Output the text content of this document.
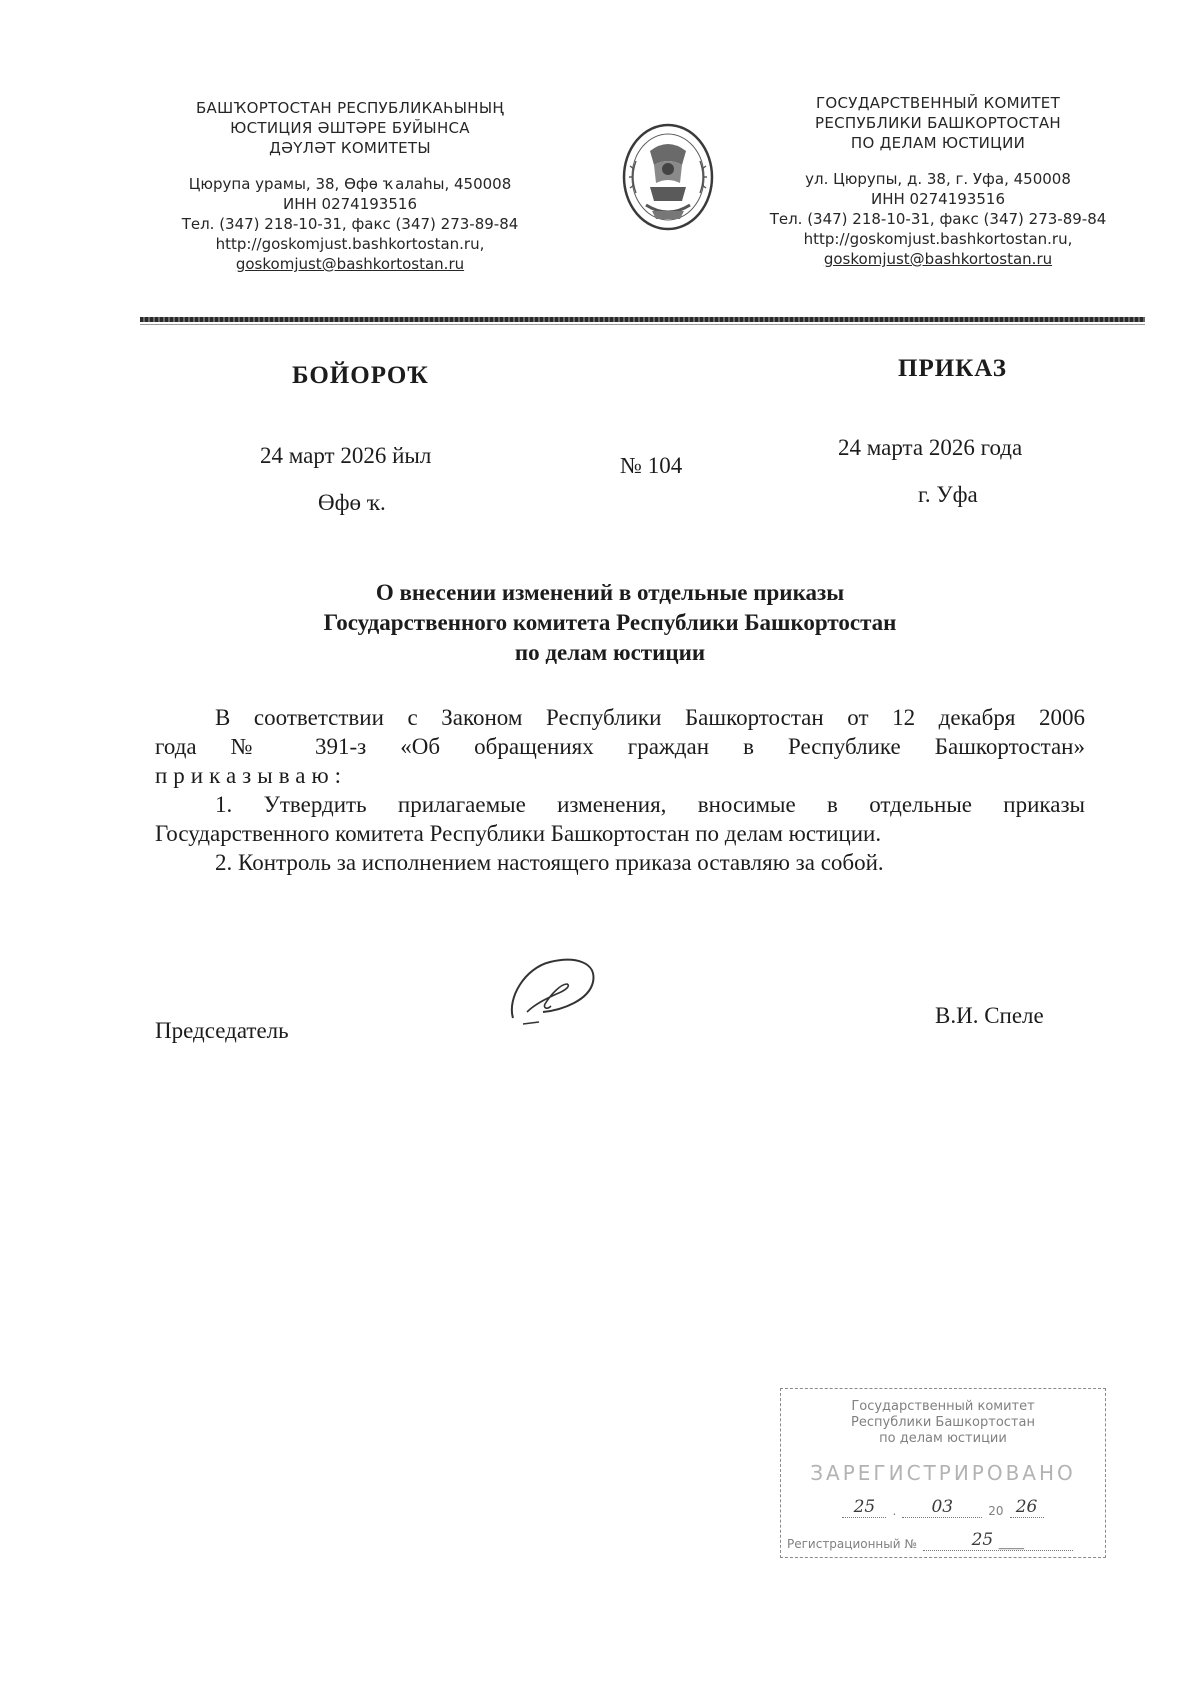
БАШҠОРТОСТАН РЕСПУБЛИКАҺЫНЫҢ
ЮСТИЦИЯ ӘШТӘРЕ БУЙЫНСА
ДӘҮЛӘТ КОМИТЕТЫ
Цюрупа урамы, 38, Өфө ҡалаһы, 450008
ИНН 0274193516
Тел. (347) 218-10-31, факс (347) 273-89-84
http://goskomjust.bashkortostan.ru,
goskomjust@bashkortostan.ru
ГОСУДАРСТВЕННЫЙ КОМИТЕТ
РЕСПУБЛИКИ БАШКОРТОСТАН
ПО ДЕЛАМ ЮСТИЦИИ
ул. Цюрупы, д. 38, г. Уфа, 450008
ИНН 0274193516
Тел. (347) 218-10-31, факс (347) 273-89-84
http://goskomjust.bashkortostan.ru,
goskomjust@bashkortostan.ru
БОЙОРОҠ	ПРИКАЗ
24 март 2026 йыл
Өфө ҡ.
№ 104
24 марта 2026 года
г. Уфа
О внесении изменений в отдельные приказы
Государственного комитета Республики Башкортостан
по делам юстиции

В соответствии с Законом Республики Башкортостан от 12 декабря 2006

года № 391-з «Об обращениях граждан в Республике Башкортостан»

приказываю:

1. Утвердить прилагаемые изменения, вносимые в отдельные приказы

Государственного комитета Республики Башкортостан по делам юстиции.

2. Контроль за исполнением настоящего приказа оставляю за собой.

Председатель
В.И. Спеле
Государственный комитет
Республики Башкортостан
по делам юстиции
ЗАРЕГИСТРИРОВАНО
25	.	03	20 26
Регистрационный №	25 ___
